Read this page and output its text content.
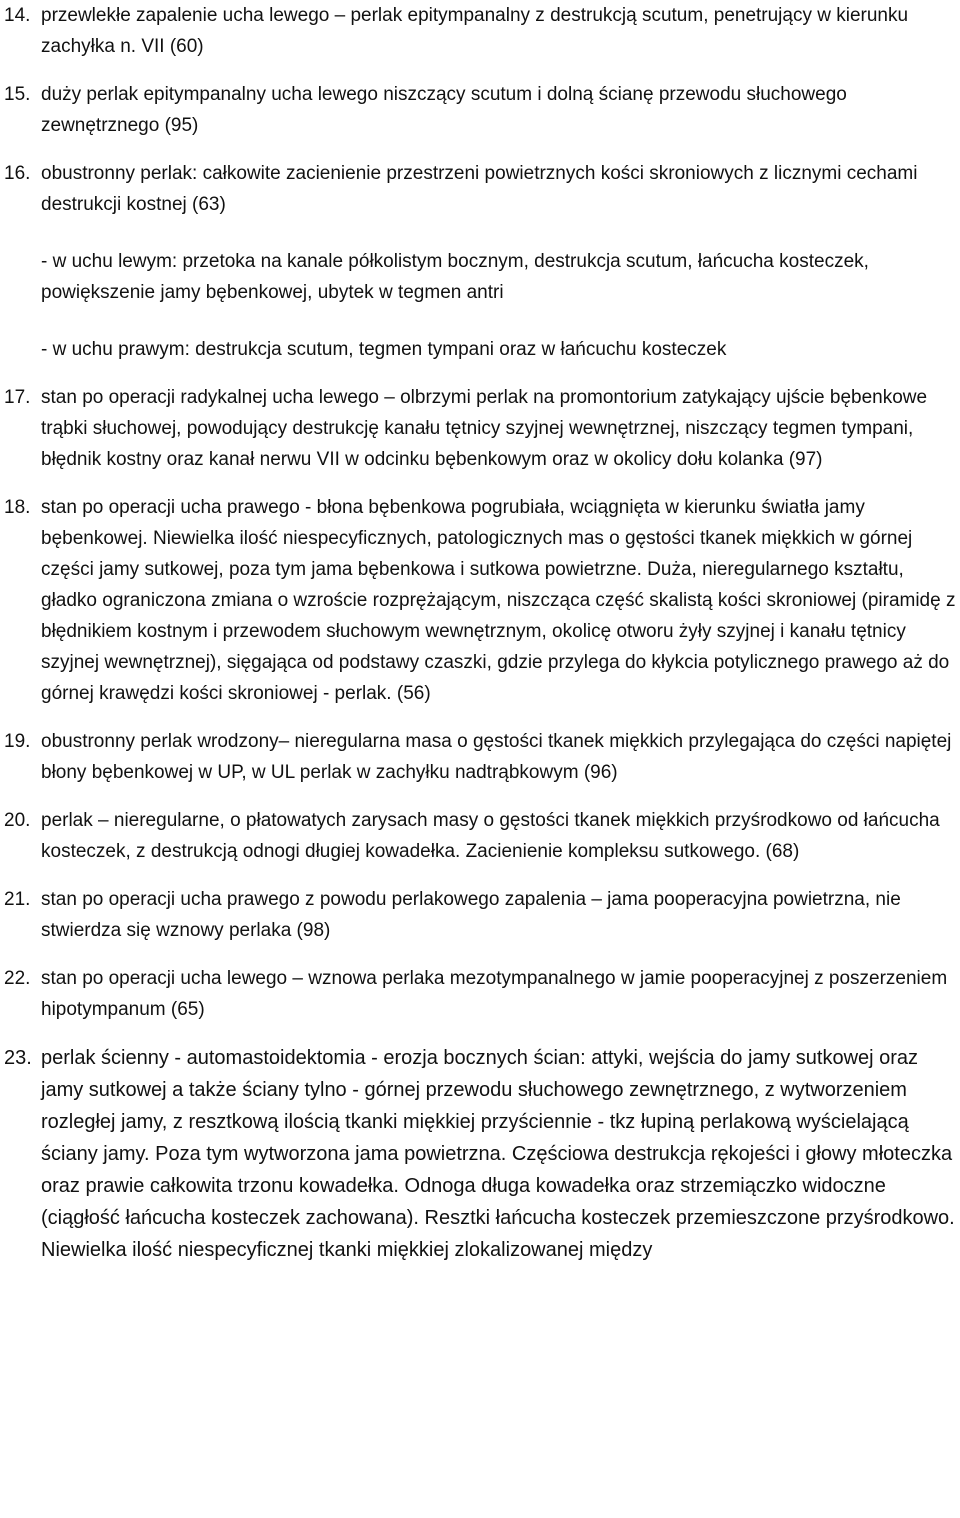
14. przewlekłe zapalenie ucha lewego – perlak epitympanalny z destrukcją scutum, penetrujący w kierunku zachyłka n. VII (60)

15. duży perlak epitympanalny ucha lewego niszczący scutum i dolną ścianę przewodu słuchowego zewnętrznego (95)

16. obustronny perlak: całkowite zacienienie przestrzeni powietrznych kości skroniowych z licznymi cechami destrukcji kostnej (63)

- w uchu lewym: przetoka na kanale półkolistym bocznym, destrukcja scutum, łańcucha kosteczek, powiększenie jamy bębenkowej, ubytek w tegmen antri

- w uchu prawym: destrukcja scutum, tegmen tympani oraz w łańcuchu kosteczek

17. stan po operacji radykalnej ucha lewego – olbrzymi perlak na promontorium zatykający ujście bębenkowe trąbki słuchowej, powodujący destrukcję kanału tętnicy szyjnej wewnętrznej, niszczący tegmen tympani, błędnik kostny oraz kanał nerwu VII w odcinku bębenkowym oraz w okolicy dołu kolanka (97)

18. stan po operacji ucha prawego - błona bębenkowa pogrubiała, wciągnięta w kierunku światła jamy bębenkowej. Niewielka ilość niespecyficznych, patologicznych mas o gęstości tkanek miękkich w górnej części jamy sutkowej, poza tym jama bębenkowa i sutkowa powietrzne. Duża, nieregularnego kształtu, gładko ograniczona zmiana o wzroście rozprężającym, niszcząca część skalistą kości skroniowej (piramidę z błędnikiem kostnym i przewodem słuchowym wewnętrznym, okolicę otworu żyły szyjnej i kanału tętnicy szyjnej wewnętrznej), sięgająca od podstawy czaszki, gdzie przylega do kłykcia potylicznego prawego aż do górnej krawędzi kości skroniowej - perlak. (56)

19. obustronny perlak wrodzony– nieregularna masa o gęstości tkanek miękkich przylegająca do części napiętej błony bębenkowej w UP, w UL perlak w zachyłku nadtrąbkowym (96)

20. perlak – nieregularne, o płatowatych zarysach masy o gęstości tkanek miękkich przyśrodkowo od łańcucha kosteczek, z destrukcją odnogi długiej kowadełka. Zacienienie kompleksu sutkowego. (68)

21. stan po operacji ucha prawego z powodu perlakowego zapalenia – jama pooperacyjna powietrzna, nie stwierdza się wznowy perlaka (98)

22. stan po operacji ucha lewego – wznowa perlaka mezotympanalnego w jamie pooperacyjnej z poszerzeniem hipotympanum (65)

23. perlak ścienny - automastoidektomia - erozja bocznych ścian: attyki, wejścia do jamy sutkowej oraz jamy sutkowej a także ściany tylno - górnej przewodu słuchowego zewnętrznego, z wytworzeniem rozległej jamy, z resztkową ilością tkanki miękkiej przyściennie - tkz łupiną perlakową wyścielającą ściany jamy. Poza tym wytworzona jama powietrzna. Częściowa destrukcja rękojeści i głowy młoteczka oraz prawie całkowita trzonu kowadełka. Odnoga długa kowadełka oraz strzemiączko widoczne (ciągłość łańcucha kosteczek zachowana). Resztki łańcucha kosteczek przemieszczone przyśrodkowo. Niewielka ilość niespecyficznej tkanki miękkiej zlokalizowanej między
